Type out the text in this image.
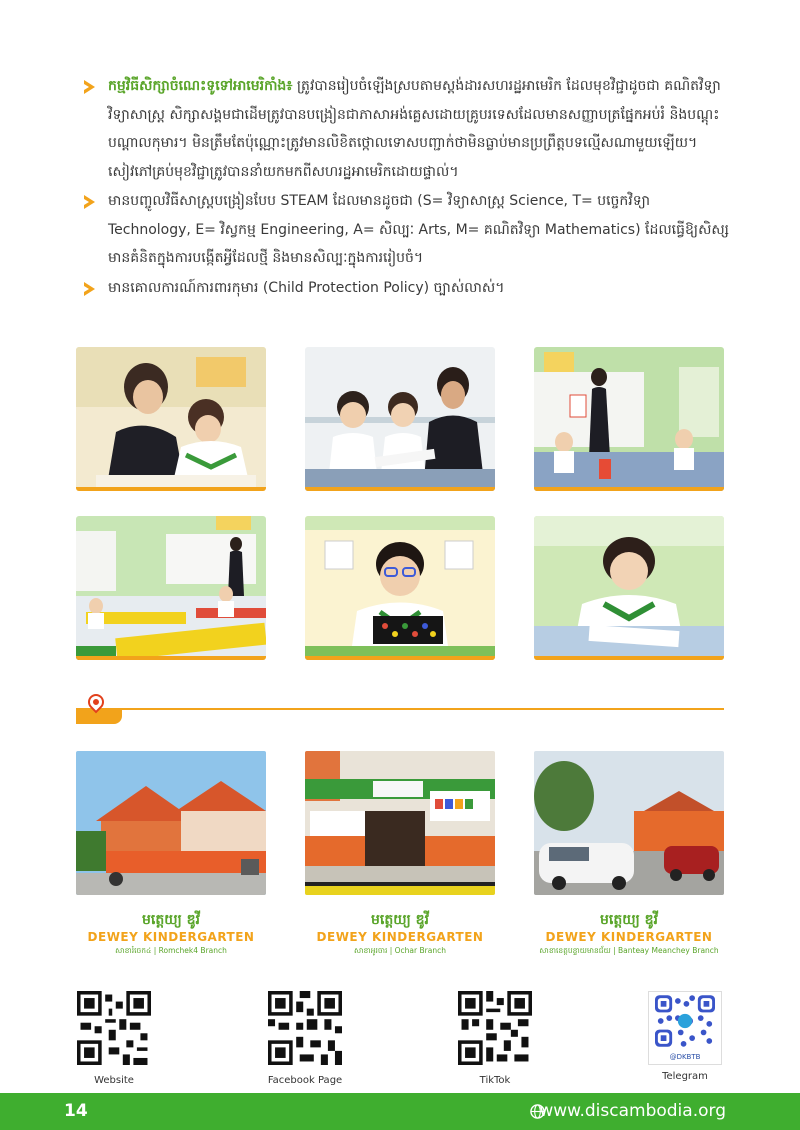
កម្មវិធីសិក្សាចំណេះទូទៅអាមេរិកាំង៖ ត្រូវបានរៀបចំឡើងស្របតាមស្តង់ដារសហរដ្ឋអាមេរិក ដែលមុខវិជ្ជាដូចជា គណិតវិទ្យា វិទ្យាសាស្ត្រ សិក្សាសង្គមជាដើមត្រូវបានបង្រៀនជាភាសាអង់គ្លេសដោយគ្រូបរទេសដែលមានសញ្ញាបត្រផ្នែកអប់រំ និងបណ្តុះបណ្តាលកុមារ។ មិនត្រឹមតែប៉ុណ្ណោះត្រូវមានលិខិតថ្កោលទោសបញ្ជាក់ថាមិនធ្លាប់មានប្រព្រឹត្តបទល្មើសណាមួយឡើយ។ សៀវភៅគ្រប់មុខវិជ្ជាត្រូវបាននាំយកមកពីសហរដ្ឋអាមេរិកដោយផ្ទាល់។
មានបញ្ចូលវិធីសាស្ត្របង្រៀនបែប STEAM ដែលមានដូចជា (S= វិទ្យាសាស្ត្រ Science, T= បច្ចេកវិទ្យា Technology, E= វិស្វកម្ម Engineering, A= សិល្បៈ Arts, M= គណិតវិទ្យា Mathematics) ដែលធ្វើឱ្យសិស្សមានគំនិតក្នុងការបង្កើតអ្វីដែលថ្មី និងមានសិល្បៈក្នុងការរៀបចំ។
មានគោលការណ៍ការពារកុមារ (Child Protection Policy) ច្បាស់លាស់។
មត្តេយ្យ ឌូវី
DEWEY KINDERGARTEN
សាខារំចេក៤ | Romchek4 Branch
មត្តេយ្យ ឌូវី
DEWEY KINDERGARTEN
សាខាអូរចារ | Ochar Branch
មត្តេយ្យ ឌូវី
DEWEY KINDERGARTEN
សាខាខេត្តបន្ទាយមានជ័យ | Banteay Meanchey Branch
Website	Facebook Page	TikTok
@DKBTB
Telegram
14	www.discambodia.org
